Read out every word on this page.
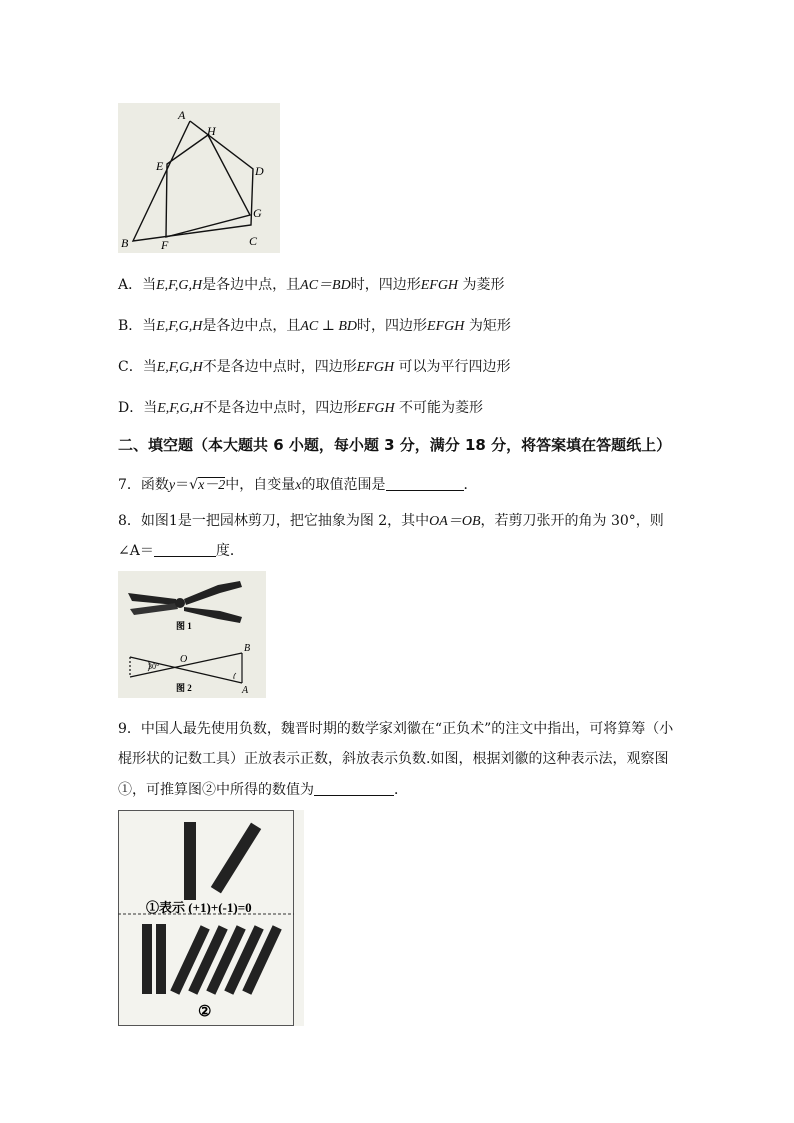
A
H
E	D
G
B	F	C
A．当E,F,G,H是各边中点，且AC＝BD时，四边形EFGH 为菱形
B．当E,F,G,H是各边中点，且AC ⊥ BD时，四边形EFGH 为矩形
C．当E,F,G,H不是各边中点时，四边形EFGH 可以为平行四边形
D．当E,F,G,H不是各边中点时，四边形EFGH 不可能为菱形
二、填空题（本大题共 6 小题，每小题 3 分，满分 18 分，将答案填在答题纸上）
7．函数y＝√x－2中，自变量x的取值范围是	．
8．如图1是一把园林剪刀，把它抽象为图 2，其中OA＝OB，若剪刀张开的角为 30°，则
∠A＝	度．
图 1
30°
O
B
A
图 2
9．中国人最先使用负数，魏晋时期的数学家刘徽在“正负术”的注文中指出，可将算筹（小
棍形状的记数工具）正放表示正数，斜放表示负数.如图，根据刘徽的这种表示法，观察图
①，可推算图②中所得的数值为	．
①表示 (+1)+(-1)=0
②
